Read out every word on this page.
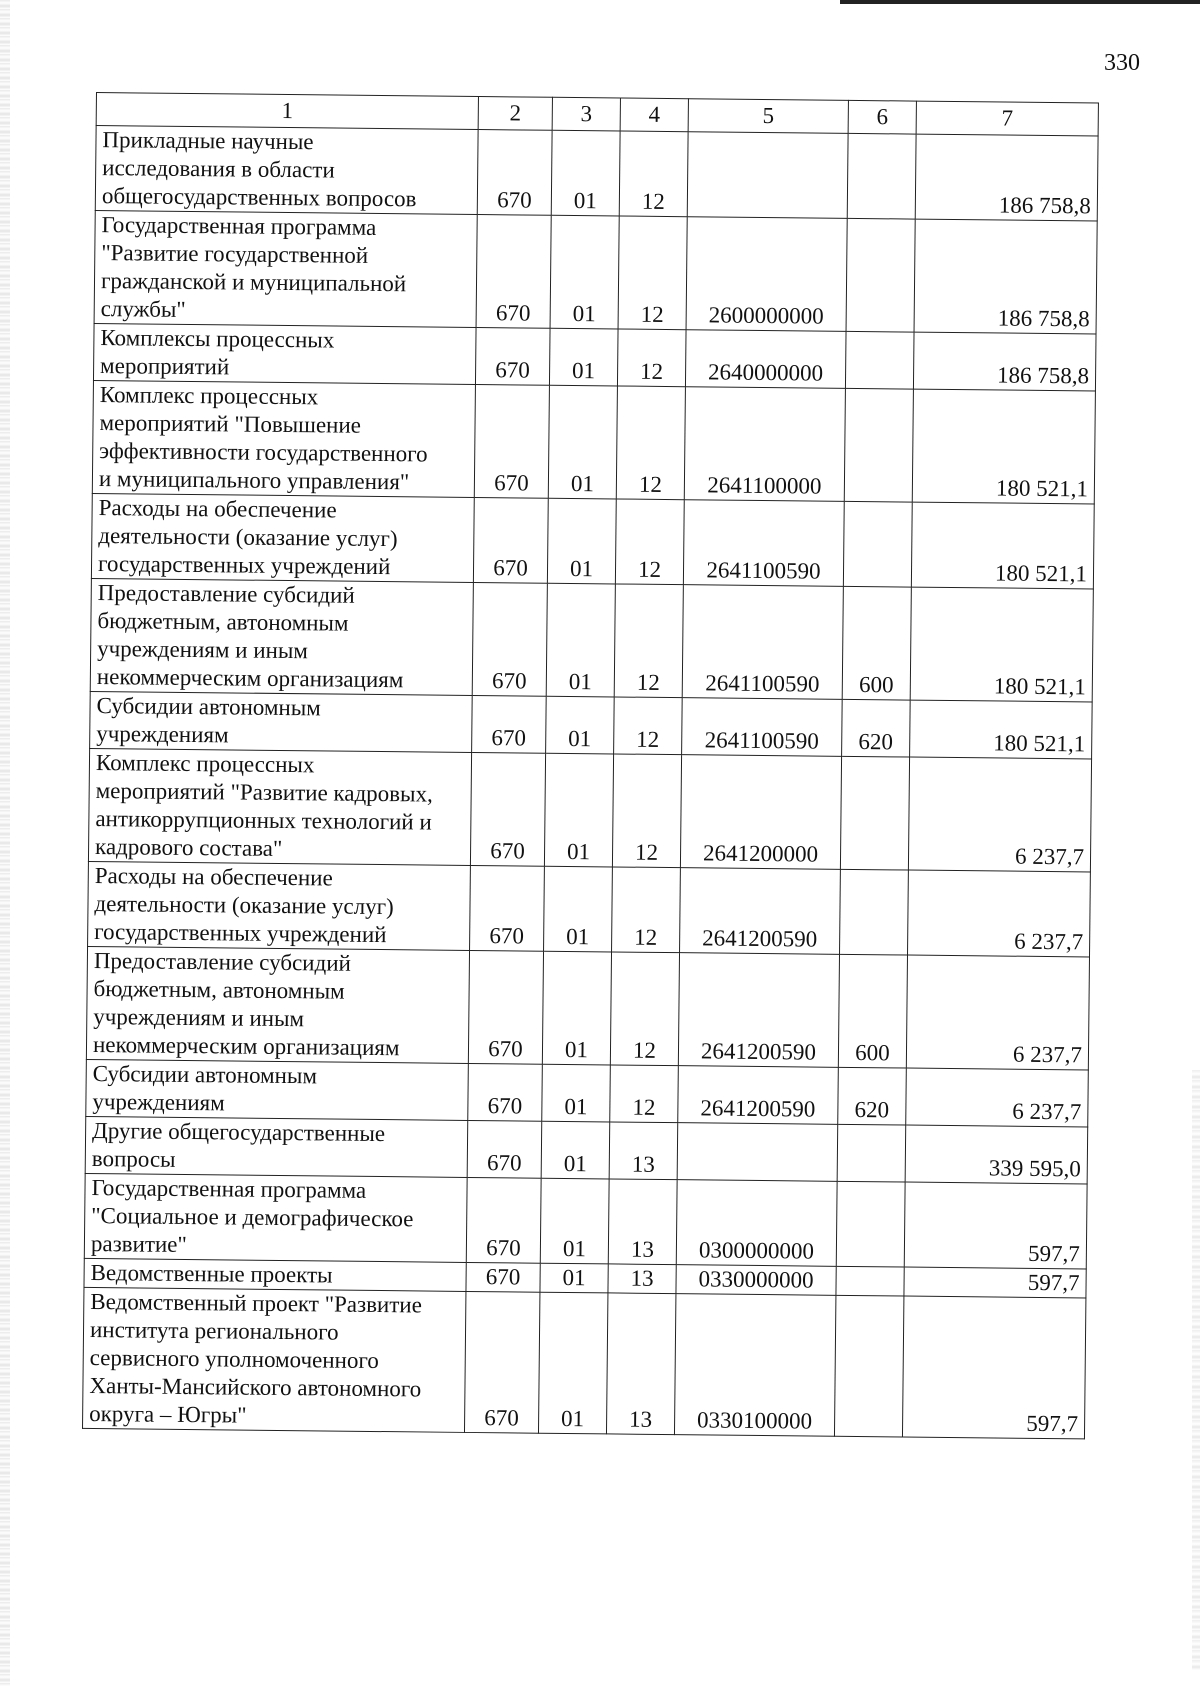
330
1	2	3	4	5	6	7

Прикладные научные
исследования в области
общегосударственных вопросов	670	01	12			186 758,8

Государственная программа
"Развитие государственной
гражданской и муниципальной
службы"	670	01	12	2600000000		186 758,8

Комплексы процессных
мероприятий	670	01	12	2640000000		186 758,8

Комплекс процессных
мероприятий "Повышение
эффективности государственного
и муниципального управления"	670	01	12	2641100000		180 521,1

Расходы на обеспечение
деятельности (оказание услуг)
государственных учреждений	670	01	12	2641100590		180 521,1

Предоставление субсидий
бюджетным, автономным
учреждениям и иным
некоммерческим организациям	670	01	12	2641100590	600	180 521,1

Субсидии автономным
учреждениям	670	01	12	2641100590	620	180 521,1

Комплекс процессных
мероприятий "Развитие кадровых,
антикоррупционных технологий и
кадрового состава"	670	01	12	2641200000		6 237,7

Расходы на обеспечение
деятельности (оказание услуг)
государственных учреждений	670	01	12	2641200590		6 237,7

Предоставление субсидий
бюджетным, автономным
учреждениям и иным
некоммерческим организациям	670	01	12	2641200590	600	6 237,7

Субсидии автономным
учреждениям	670	01	12	2641200590	620	6 237,7

Другие общегосударственные
вопросы	670	01	13			339 595,0

Государственная программа
"Социальное и демографическое
развитие"	670	01	13	0300000000		597,7

Ведомственные проекты	670	01	13	0330000000		597,7

Ведомственный проект "Развитие
института регионального
сервисного уполномоченного
Ханты-Мансийского автономного
округа – Югры"	670	01	13	0330100000		597,7
